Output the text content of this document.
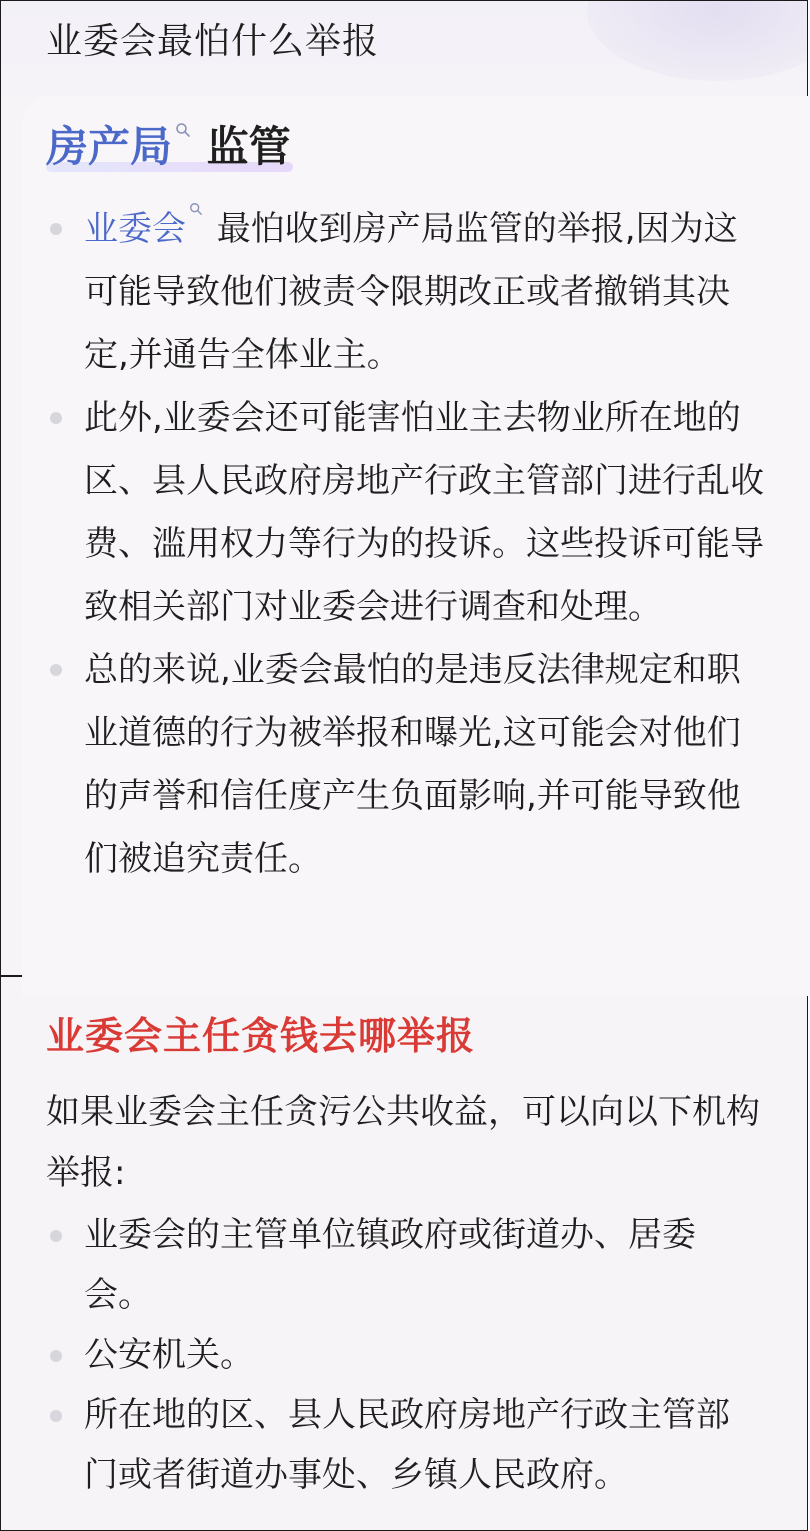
业委会最怕什么举报
房产局
监管
业委会
最怕收到房产局监管的举报,因为这可能导致他们被责令限期改正或者撤销其决定,并通告全体业主。
此外,业委会还可能害怕业主去物业所在地的区、县人民政府房地产行政主管部门进行乱收费、滥用权力等行为的投诉。这些投诉可能导致相关部门对业委会进行调查和处理。
总的来说,业委会最怕的是违反法律规定和职业道德的行为被举报和曝光,这可能会对他们的声誉和信任度产生负面影响,并可能导致他们被追究责任。
业委会主任贪钱去哪举报
如果业委会主任贪污公共收益，可以向以下机构举报:
业委会的主管单位镇政府或街道办、居委会。
公安机关。
所在地的区、县人民政府房地产行政主管部门或者街道办事处、乡镇人民政府。
